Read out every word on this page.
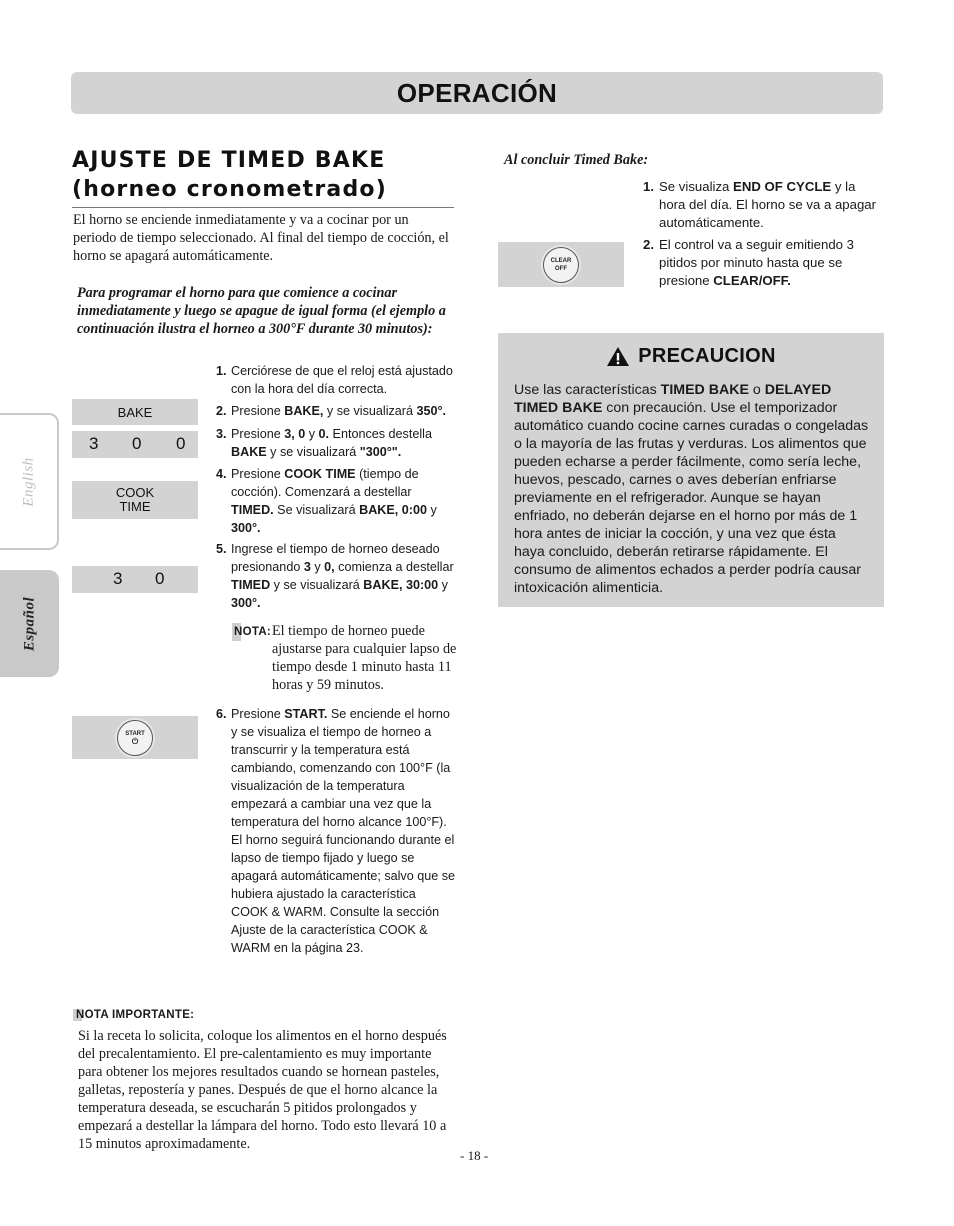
OPERACIÓN
English
Español
AJUSTE DE TIMED BAKE
(horneo cronometrado)
El horno se enciende inmediatamente y va a cocinar por un periodo de tiempo seleccionado. Al final del tiempo de cocción, el horno se apagará automáticamente.
Para programar el horno para que comience a cocinar inmediatamente y luego se apague de igual forma (el ejemplo a continuación ilustra el horneo a 300°F durante 30 minutos):
BAKE
3 0 0
COOK
TIME
3 0
START
⏻
1. Cerciórese de que el reloj está ajustado con la hora del día correcta.
2. Presione BAKE, y se visualizará 350°.
3. Presione 3, 0 y 0. Entonces destella BAKE y se visualizará "300°".
4. Presione COOK TIME (tiempo de cocción). Comenzará a destellar TIMED. Se visualizará BAKE, 0:00 y 300°.
5. Ingrese el tiempo de horneo deseado presionando 3 y 0, comienza a destellar TIMED y se visualizará BAKE, 30:00 y 300°.
NOTA: El tiempo de horneo puede ajustarse para cualquier lapso de tiempo desde 1 minuto hasta 11 horas y 59 minutos.
6. Presione START. Se enciende el horno y se visualiza el tiempo de horneo a transcurrir y la temperatura está cambiando, comenzando con 100°F (la visualización de la temperatura empezará a cambiar una vez que la temperatura del horno alcance 100°F). El horno seguirá funcionando durante el lapso de tiempo fijado y luego se apagará automáticamente; salvo que se hubiera ajustado la característica COOK & WARM. Consulte la sección Ajuste de la característica COOK & WARM en la página 23.
NOTA IMPORTANTE:
Si la receta lo solicita, coloque los alimentos en el horno después del precalentamiento. El pre-calentamiento es muy importante para obtener los mejores resultados cuando se hornean pasteles, galletas, repostería y panes. Después de que el horno alcance la temperatura deseada, se escucharán 5 pitidos prolongados y empezará a destellar la lámpara del horno. Todo esto llevará 10 a 15 minutos aproximadamente.
- 18 -
Al concluir Timed Bake:
CLEAR
OFF
1. Se visualiza END OF CYCLE y la hora del día. El horno se va a apagar automáticamente.
2. El control va a seguir emitiendo 3 pitidos por minuto hasta que se presione CLEAR/OFF.
PRECAUCION
Use las características TIMED BAKE o DELAYED TIMED BAKE con precaución. Use el temporizador automático cuando cocine carnes curadas o congeladas o la mayoría de las frutas y verduras. Los alimentos que pueden echarse a perder fácilmente, como sería leche, huevos, pescado, carnes o aves deberían enfriarse previamente en el refrigerador. Aunque se hayan enfriado, no deberán dejarse en el horno por más de 1 hora antes de iniciar la cocción, y una vez que ésta haya concluido, deberán retirarse rápidamente. El consumo de alimentos echados a perder podría causar intoxicación alimenticia.
